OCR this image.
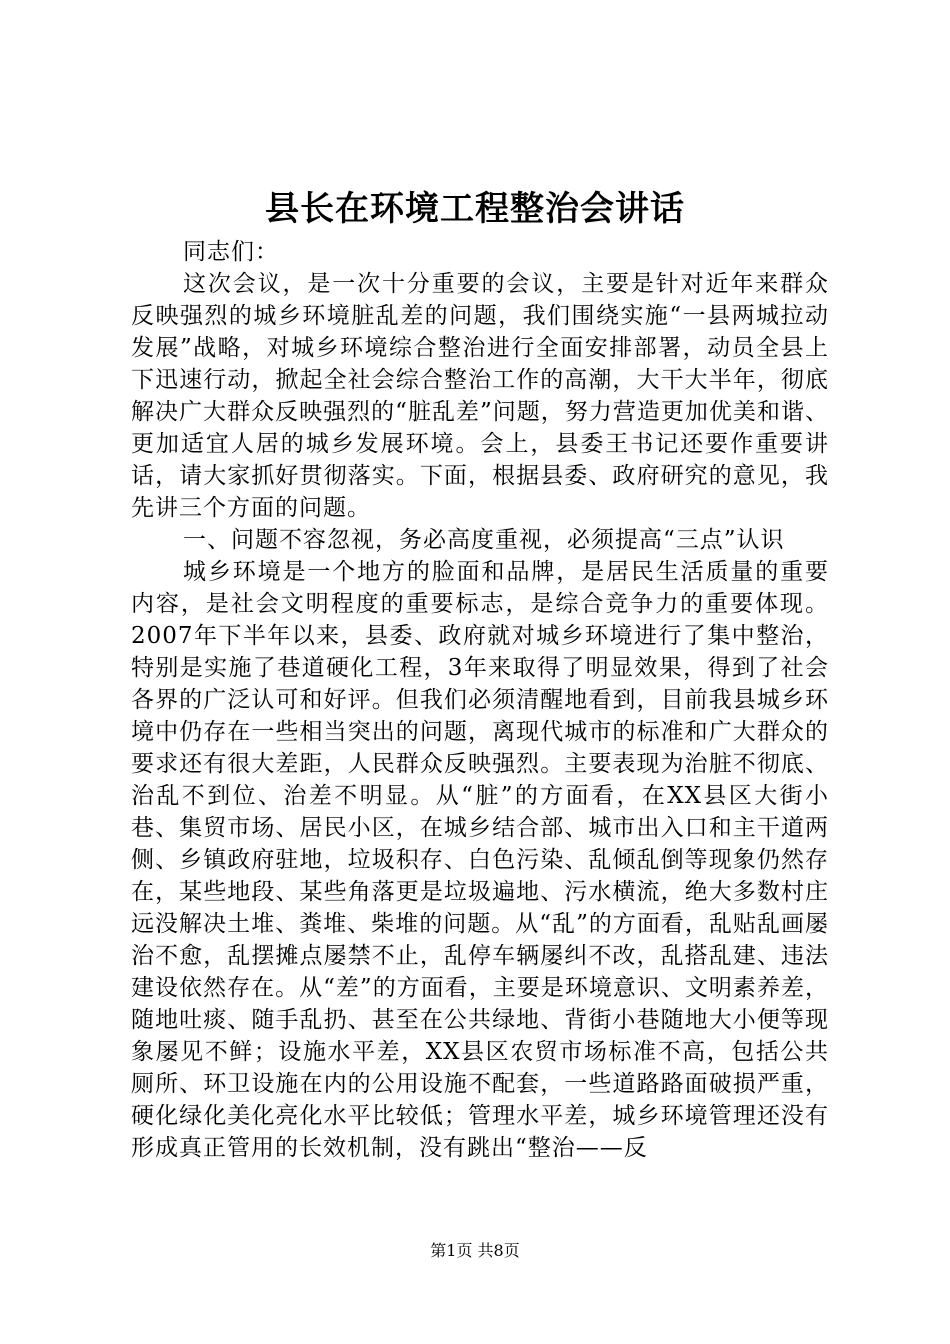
县长在环境工程整治会讲话

同志们：

这次会议，是一次十分重要的会议，主要是针对近年来群众反映强烈的城乡环境脏乱差的问题，我们围绕实施“一县两城拉动发展”战略，对城乡环境综合整治进行全面安排部署，动员全县上下迅速行动，掀起全社会综合整治工作的高潮，大干大半年，彻底解决广大群众反映强烈的“脏乱差”问题，努力营造更加优美和谐、更加适宜人居的城乡发展环境。会上，县委王书记还要作重要讲话，请大家抓好贯彻落实。下面，根据县委、政府研究的意见，我先讲三个方面的问题。

一、问题不容忽视，务必高度重视，必须提高“三点”认识

城乡环境是一个地方的脸面和品牌，是居民生活质量的重要内容，是社会文明程度的重要标志，是综合竞争力的重要体现。2007年下半年以来，县委、政府就对城乡环境进行了集中整治，特别是实施了巷道硬化工程，3年来取得了明显效果，得到了社会各界的广泛认可和好评。但我们必须清醒地看到，目前我县城乡环境中仍存在一些相当突出的问题，离现代城市的标准和广大群众的要求还有很大差距，人民群众反映强烈。主要表现为治脏不彻底、治乱不到位、治差不明显。从“脏”的方面看，在XX县区大街小巷、集贸市场、居民小区，在城乡结合部、城市出入口和主干道两侧、乡镇政府驻地，垃圾积存、白色污染、乱倾乱倒等现象仍然存在，某些地段、某些角落更是垃圾遍地、污水横流，绝大多数村庄远没解决土堆、粪堆、柴堆的问题。从“乱”的方面看，乱贴乱画屡治不愈，乱摆摊点屡禁不止，乱停车辆屡纠不改，乱搭乱建、违法建设依然存在。从“差”的方面看，主要是环境意识、文明素养差，随地吐痰、随手乱扔、甚至在公共绿地、背街小巷随地大小便等现象屡见不鲜；设施水平差，XX县区农贸市场标准不高，包括公共厕所、环卫设施在内的公用设施不配套，一些道路路面破损严重，硬化绿化美化亮化水平比较低；管理水平差，城乡环境管理还没有形成真正管用的长效机制，没有跳出“整治——反

第1页 共8页
